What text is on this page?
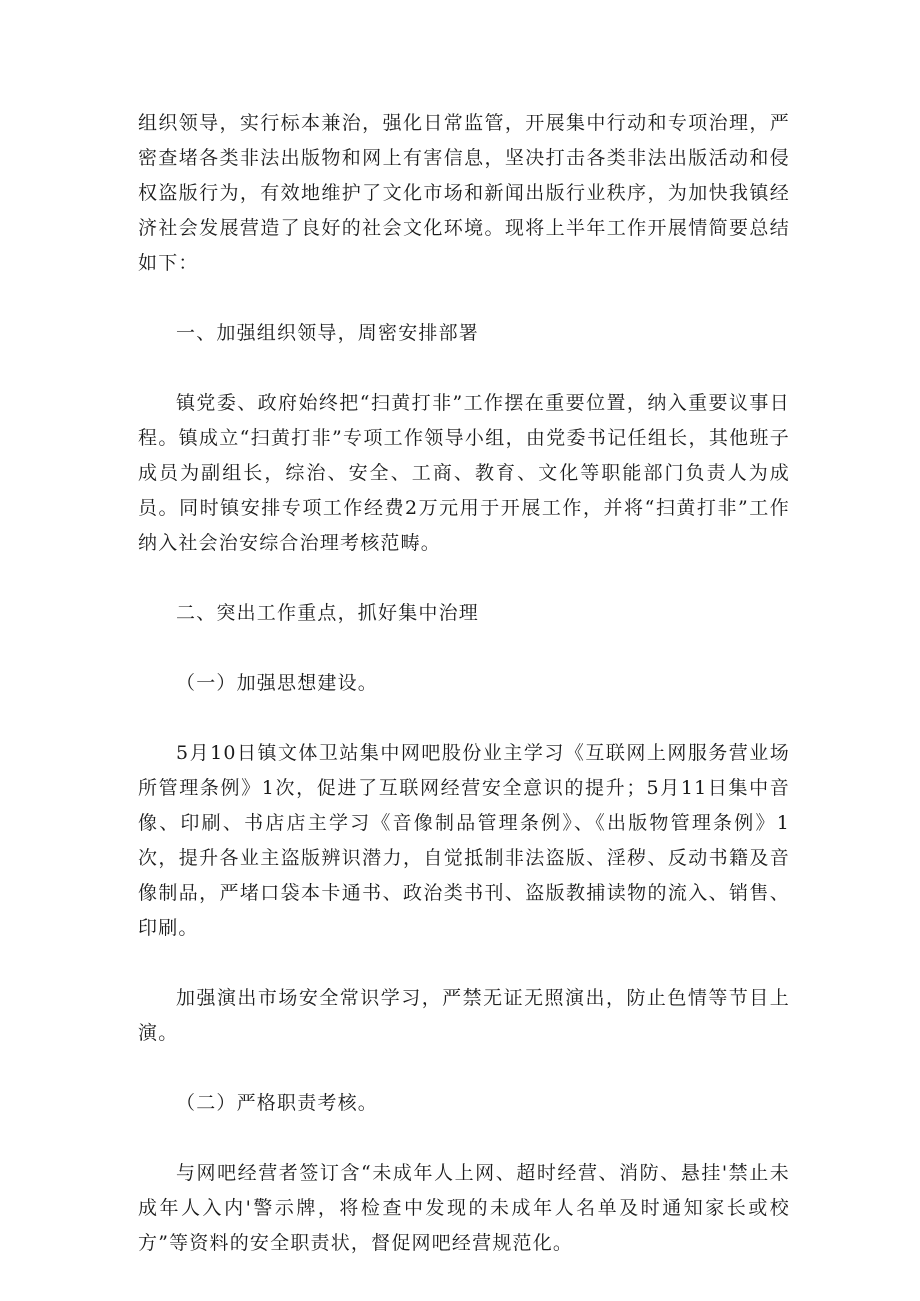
组织领导，实行标本兼治，强化日常监管，开展集中行动和专项治理，严密查堵各类非法出版物和网上有害信息，坚决打击各类非法出版活动和侵权盗版行为，有效地维护了文化市场和新闻出版行业秩序，为加快我镇经济社会发展营造了良好的社会文化环境。现将上半年工作开展情简要总结如下：

一、加强组织领导，周密安排部署

镇党委、政府始终把“扫黄打非”工作摆在重要位置，纳入重要议事日程。镇成立“扫黄打非”专项工作领导小组，由党委书记任组长，其他班子成员为副组长，综治、安全、工商、教育、文化等职能部门负责人为成员。同时镇安排专项工作经费2万元用于开展工作，并将“扫黄打非”工作纳入社会治安综合治理考核范畴。

二、突出工作重点，抓好集中治理

（一）加强思想建设。

5月10日镇文体卫站集中网吧股份业主学习《互联网上网服务营业场所管理条例》1次，促进了互联网经营安全意识的提升；5月11日集中音像、印刷、书店店主学习《音像制品管理条例》、《出版物管理条例》1次，提升各业主盗版辨识潜力，自觉抵制非法盗版、淫秽、反动书籍及音像制品，严堵口袋本卡通书、政治类书刊、盗版教捕读物的流入、销售、印刷。

加强演出市场安全常识学习，严禁无证无照演出，防止色情等节目上演。

（二）严格职责考核。

与网吧经营者签订含“未成年人上网、超时经营、消防、悬挂'禁止未成年人入内'警示牌，将检查中发现的未成年人名单及时通知家长或校方”等资料的安全职责状，督促网吧经营规范化。
